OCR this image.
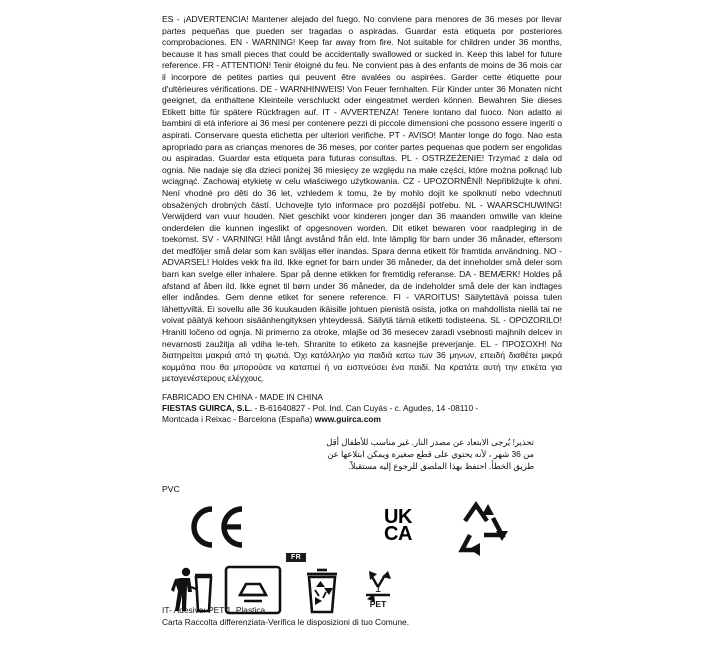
ES - ¡ADVERTENCIA! Mantener alejado del fuego. No conviene para menores de 36 meses por llevar partes pequeñas que pueden ser tragadas o aspiradas. Guardar esta etiqueta por posteriores comprobaciones. EN - WARNING! Keep far away from fire. Not suitable for children under 36 months, because it has small pieces that could be accidentally swallowed or sucked in. Keep this label for future reference. FR - ATTENTION! Tenir éloigné du feu. Ne convient pas à des enfants de moins de 36 mois car il incorpore de petites parties qui peuvent être avalées ou aspirées. Garder cette étiquette pour d'ultérieures vérifications. DE - WARNHINWEIS! Von Feuer fernhalten. Für Kinder unter 36 Monaten nicht geeignet, da enthaltene Kleinteile verschluckt oder eingeatmet werden können. Bewahren Sie dieses Etikett bitte für spätere Rückfragen auf. IT - AVVERTENZA! Tenere lontano dal fuoco. Non adatto ai bambini di età inferiore ai 36 mesi per contenere pezzi di piccole dimensioni che possono essere ingeriti o aspirati. Conservare questa etichetta per ulteriori verifiche. PT - AVISO! Manter longe do fogo. Nao esta apropriado para as crianças menores de 36 meses, por conter partes pequenas que podem ser engolidas ou aspiradas. Guardar esta etiqueta para futuras consultas. PL - OSTRZEŻENIE! Trzymać z dala od ognia. Nie nadaje się dla dzieci poniżej 36 miesięcy ze względu na małe części, które można połknąć lub wciągnąć. Zachowaj etykietę w celu właściwego użytkowania. CZ - UPOZORNĚNÍ! Nepřibližujte k ohni. Není vhodné pro děti do 36 let, vzhledem k tomu, že by mohlo dojít ke spolknutí nebo vdechnutí obsažených drobných částí. Uchovejte tyto informace pro pozdější potřebu. NL - WAARSCHUWING! Verwijderd van vuur houden. Niet geschikt voor kinderen jonger dan 36 maanden omwille van kleine onderdelen die kunnen ingeslikt of opgesnoven worden. Dit etiket bewaren voor raadpleging in de toekomst. SV - VARNING! Håll långt avstånd från eld. Inte lämplig för barn under 36 månader, eftersom det medföljer små delar som kan sväljas eller inandas. Spara denna etikett för framtida användning. NO - ADVARSEL! Holdes vekk fra ild. Ikke egnet for barn under 36 måneder, da det inneholder små deler som barn kan svelge eller inhalere. Spar på denne etikken for fremtidig referanse. DA - BEMÆRK! Holdes på afstand af åben ild. Ikke egnet til børn under 36 måneder, da de indeholder små dele der kan indtages eller indåndes. Gem denne etiket for senere reference. FI - VAROITUS! Säilytettävä poissa tulen lähettyviltä. Ei sovellu alle 36 kuukauden ikäisille johtuen pienistä osista, jotka on mahdollista niellä tai ne voivat päätyä kehoon sisäänhengityksen yhteydessä. Säilytä tärnä etiketti todisteena. SL - OPOZORILO! Hraniti ločeno od ognja. Ni primerno za otroke, mlajše od 36 mesecev zaradi vsebnosti majhnih delcev in nevarnosti zaužitja ali vdiha le-teh. Shranite to etiketo za kasnejše preverjanje. EL - ΠΡΟΣΟΧΗ! Να διατηρείται μακριά από τη φωτιά. Όχι κατάλληλο για παιδιά κατω των 36 μηνων, επειδή διαθέτει μικρά κομμάτια που θα μπορούσε να καταπιεί ή να εισπνεύσει ένα παιδί. Να κρατάτε αυτή την ετικέτα για μεταγενέστερους ελέγχους.
FABRICADO EN CHINA - MADE IN CHINA
FIESTAS GUIRCA, S.L. - B-61640827 - Pol. Ind. Can Cuyás - c. Agudes, 14 -08110 -
Montcada i Reixac - Barcelona (España) www.guirca.com
تحذير! يُرجى الابتعاد عن مصدر النار. غير مناسب للأطفال أقل
من 36 شهر ، لأنه يحتوي على قطع صغيرة ويمكن ابتلاعها عن
طريق الخطأ. احتفظ بهذا الملصق للرجوع إليه مستقبلاً.
PVC
UK
CA
FR
1
PET
IT- Adesivo: PET 1, Plastica
Carta Raccolta differenziata-Verifica le disposizioni di tuo Comune.
